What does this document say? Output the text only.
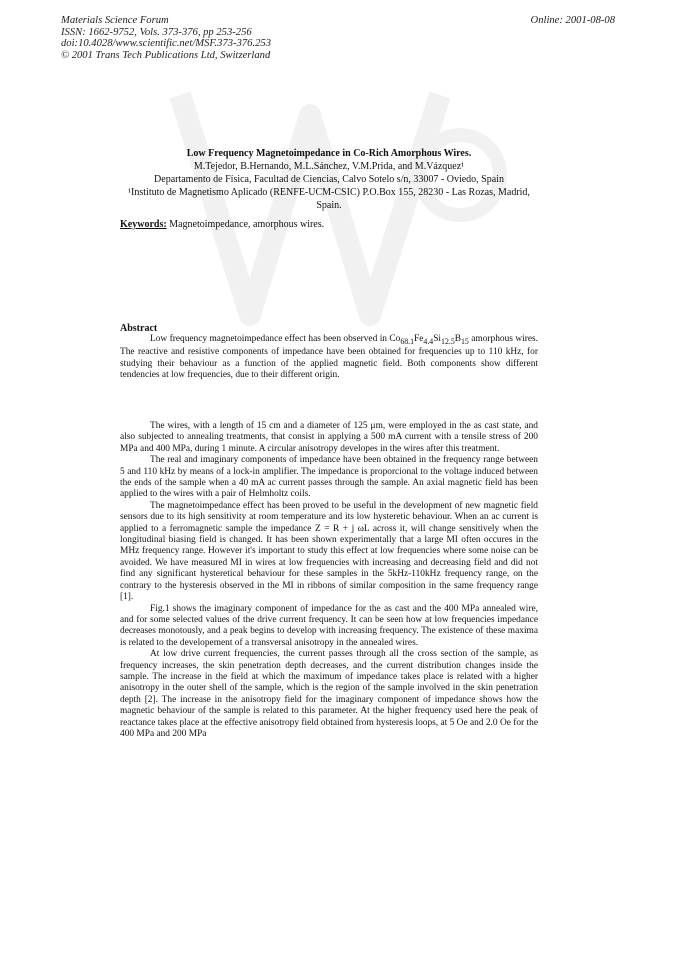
Materials Science Forum
ISSN: 1662-9752, Vols. 373-376, pp 253-256
doi:10.4028/www.scientific.net/MSF.373-376.253
© 2001 Trans Tech Publications Ltd, Switzerland
Online: 2001-08-08
Low Frequency Magnetoimpedance in Co-Rich Amorphous Wires.
M.Tejedor, B.Hernando, M.L.Sánchez, V.M.Prida, and M.Vázquez¹
Departamento de Física, Facultad de Ciencias, Calvo Sotelo s/n, 33007 - Oviedo, Spain
¹Instituto de Magnetismo Aplicado (RENFE-UCM-CSIC) P.O.Box 155, 28230 - Las Rozas, Madrid, Spain.
Keywords: Magnetoimpedance, amorphous wires.
Abstract

Low frequency magnetoimpedance effect has been observed in $Co_{68.1}Fe_{4.4}Si_{12.5}B_{15}$ amorphous wires. The reactive and resistive components of impedance have been obtained for frequencies up to 110 kHz, for studying their behaviour as a function of the applied magnetic field. Both components show different tendencies at low frequencies, due to their different origin.

The wires, with a length of 15 cm and a diameter of 125 μm, were employed in the as cast state, and also subjected to annealing treatments, that consist in applying a 500 mA current with a tensile stress of 200 MPa and 400 MPa, during 1 minute. A circular anisotropy developes in the wires after this treatment.

The real and imaginary components of impedance have been obtained in the frequency range between 5 and 110 kHz by means of a lock-in amplifier. The impedance is proporcional to the voltage induced between the ends of the sample when a 40 mA ac current passes through the sample. An axial magnetic field has been applied to the wires with a pair of Helmholtz coils.

The magnetoimpedance effect has been proved to be useful in the development of new magnetic field sensors due to its high sensitivity at room temperature and its low hysteretic behaviour. When an ac current is applied to a ferromagnetic sample the impedance Z = R + j ωL across it, will change sensitively when the longitudinal biasing field is changed. It has been shown experimentally that a large MI often occures in the MHz frequency range. However it's important to study this effect at low frequencies where some noise can be avoided. We have measured MI in wires at low frequencies with increasing and decreasing field and did not find any significant hysteretical behaviour for these samples in the 5kHz-110kHz frequency range, on the contrary to the hysteresis observed in the MI in ribbons of similar composition in the same frequency range [1].

Fig.1 shows the imaginary component of impedance for the as cast and the 400 MPa annealed wire, and for some selected values of the drive current frequency. It can be seen how at low frequencies impedance decreases monotously, and a peak begins to develop with increasing frequency. The existence of these maxima is related to the developement of a transversal anisotropy in the annealed wires.

At low drive current frequencies, the current passes through all the cross section of the sample, as frequency increases, the skin penetration depth decreases, and the current distribution changes inside the sample. The increase in the field at which the maximum of impedance takes place is related with a higher anisotropy in the outer shell of the sample, which is the region of the sample involved in the skin penetration depth [2]. The increase in the anisotropy field for the imaginary component of impedance shows how the magnetic behaviour of the sample is related to this parameter. At the higher frequency used here the peak of reactance takes place at the effective anisotropy field obtained from hysteresis loops, at 5 Oe and 2.0 Oe for the 400 MPa and 200 MPa
